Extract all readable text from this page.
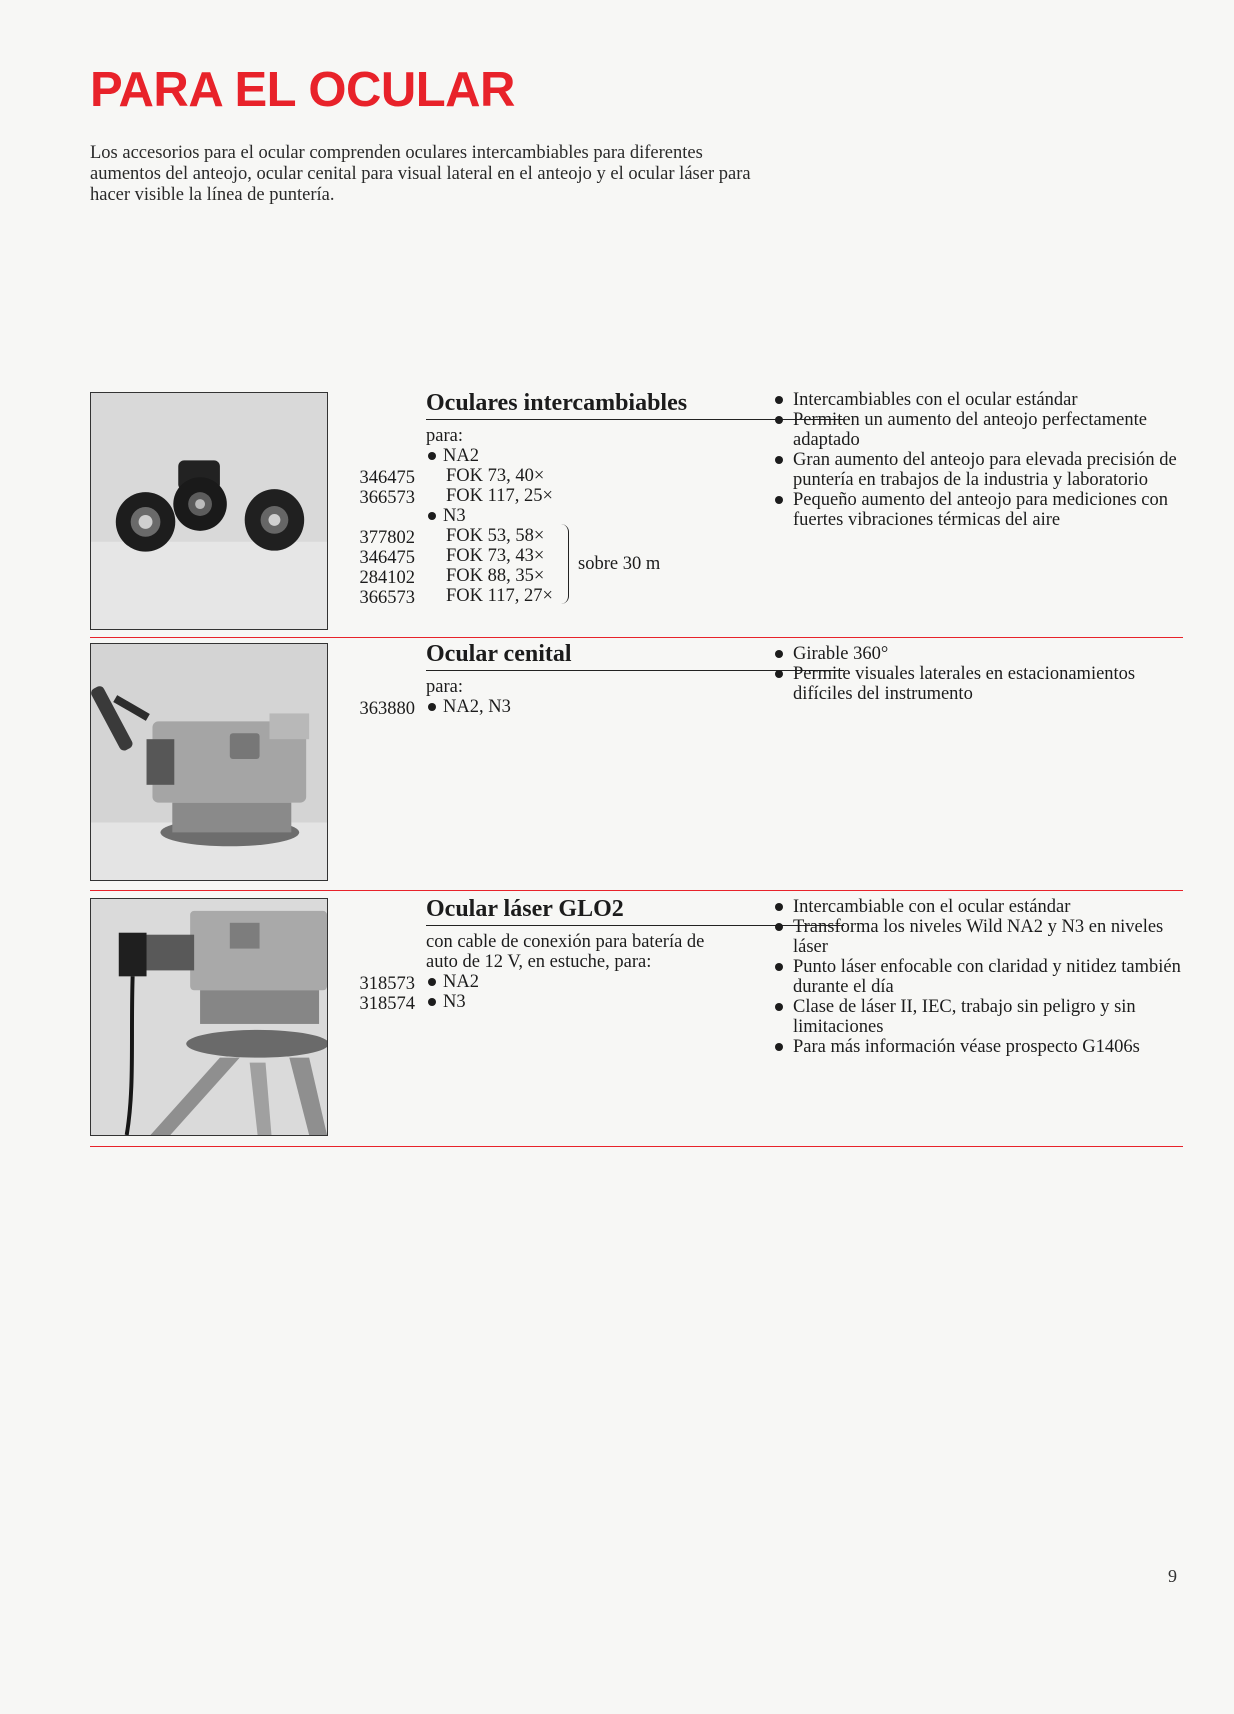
PARA EL OCULAR

Los accesorios para el ocular comprenden oculares intercambiables para diferentes aumentos del anteojo, ocular cenital para visual lateral en el anteojo y el ocular láser para hacer visible la línea de puntería.

Oculares intercambiables
para:
NA2
FOK 73, 40×
FOK 117, 25×
N3
FOK 53, 58×
FOK 73, 43×
FOK 88, 35×
FOK 117, 27×
sobre 30 m
346475
366573
377802
346475
284102
366573
Intercambiables con el ocular estándar
Permiten un aumento del anteojo perfectamente adaptado
Gran aumento del anteojo para elevada precisión de puntería en trabajos de la industria y laboratorio
Pequeño aumento del anteojo para mediciones con fuertes vibraciones térmicas del aire
Ocular cenital
para:
NA2, N3
363880
Girable 360°
Permite visuales laterales en estacionamientos difíciles del instrumento
Ocular láser GLO2
con cable de conexión para batería de
auto de 12 V, en estuche, para:
NA2
N3
318573
318574
Intercambiable con el ocular estándar
Transforma los niveles Wild NA2 y N3 en niveles láser
Punto láser enfocable con claridad y nitidez también durante el día
Clase de láser II, IEC, trabajo sin peligro y sin limitaciones
Para más información véase prospecto G1406s
9
